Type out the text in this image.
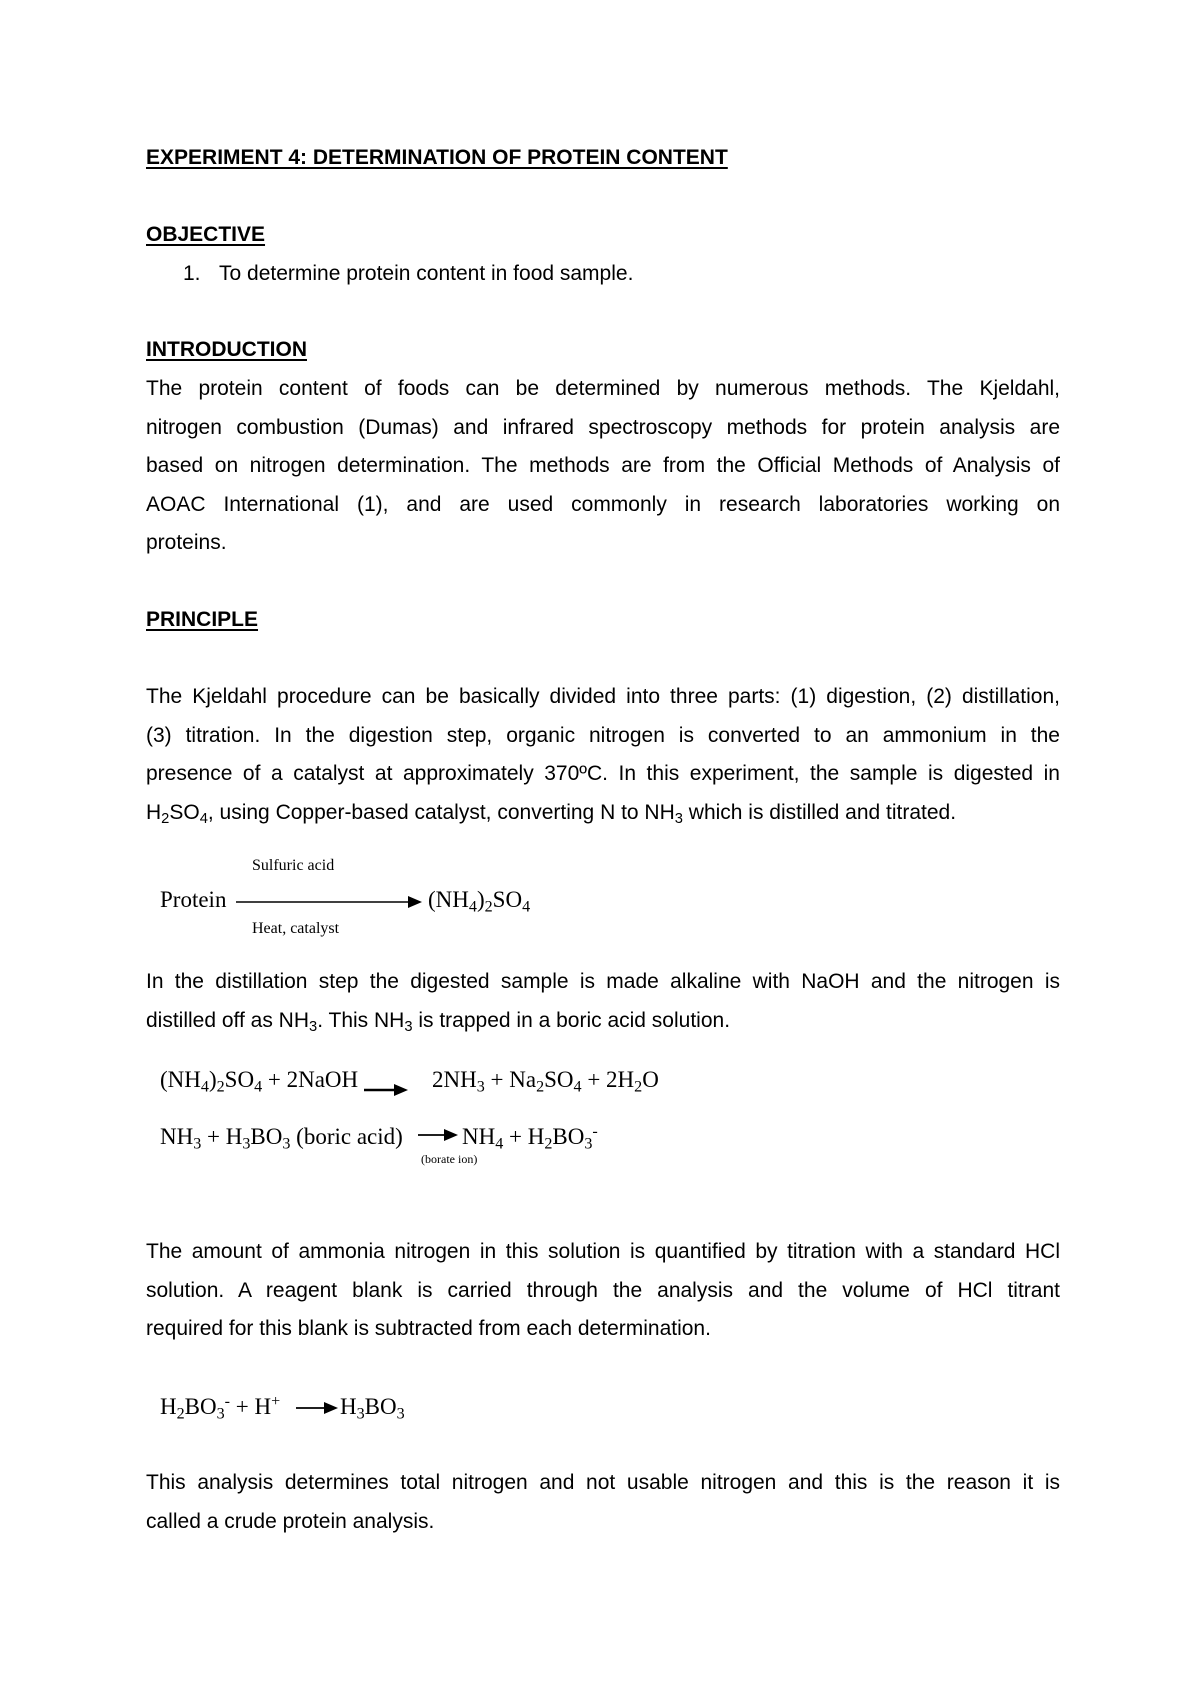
EXPERIMENT 4: DETERMINATION OF PROTEIN CONTENT
OBJECTIVE

1. To determine protein content in food sample.

INTRODUCTION
The protein content of foods can be determined by numerous methods. The Kjeldahl,
nitrogen combustion (Dumas) and infrared spectroscopy methods for protein analysis are
based on nitrogen determination. The methods are from the Official Methods of Analysis of
AOAC International (1), and are used commonly in research laboratories working on
proteins.
PRINCIPLE
The Kjeldahl procedure can be basically divided into three parts: (1) digestion, (2) distillation,
(3) titration. In the digestion step, organic nitrogen is converted to an ammonium in the
presence of a catalyst at approximately 370ºC. In this experiment, the sample is digested in
$H_2SO_4$, using Copper-based catalyst, converting N to $NH_3$ which is distilled and titrated.
Sulfuric acid
Protein	$(NH_4)_2SO_4$
Heat, catalyst
In the distillation step the digested sample is made alkaline with NaOH and the nitrogen is
distilled off as $NH_3$. This $NH_3$ is trapped in a boric acid solution.
$(NH_4)_2SO_4$ + 2NaOH	$2NH_3 + Na_2SO_4 + 2H_2O$
$NH_3 + H_3BO_3$ (boric acid)	$NH_4 + H_2BO_3^-$
(borate ion)
The amount of ammonia nitrogen in this solution is quantified by titration with a standard HCl
solution. A reagent blank is carried through the analysis and the volume of HCl titrant
required for this blank is subtracted from each determination.
$H_2BO_3^- + H^+$	$H_3BO_3$
This analysis determines total nitrogen and not usable nitrogen and this is the reason it is
called a crude protein analysis.
